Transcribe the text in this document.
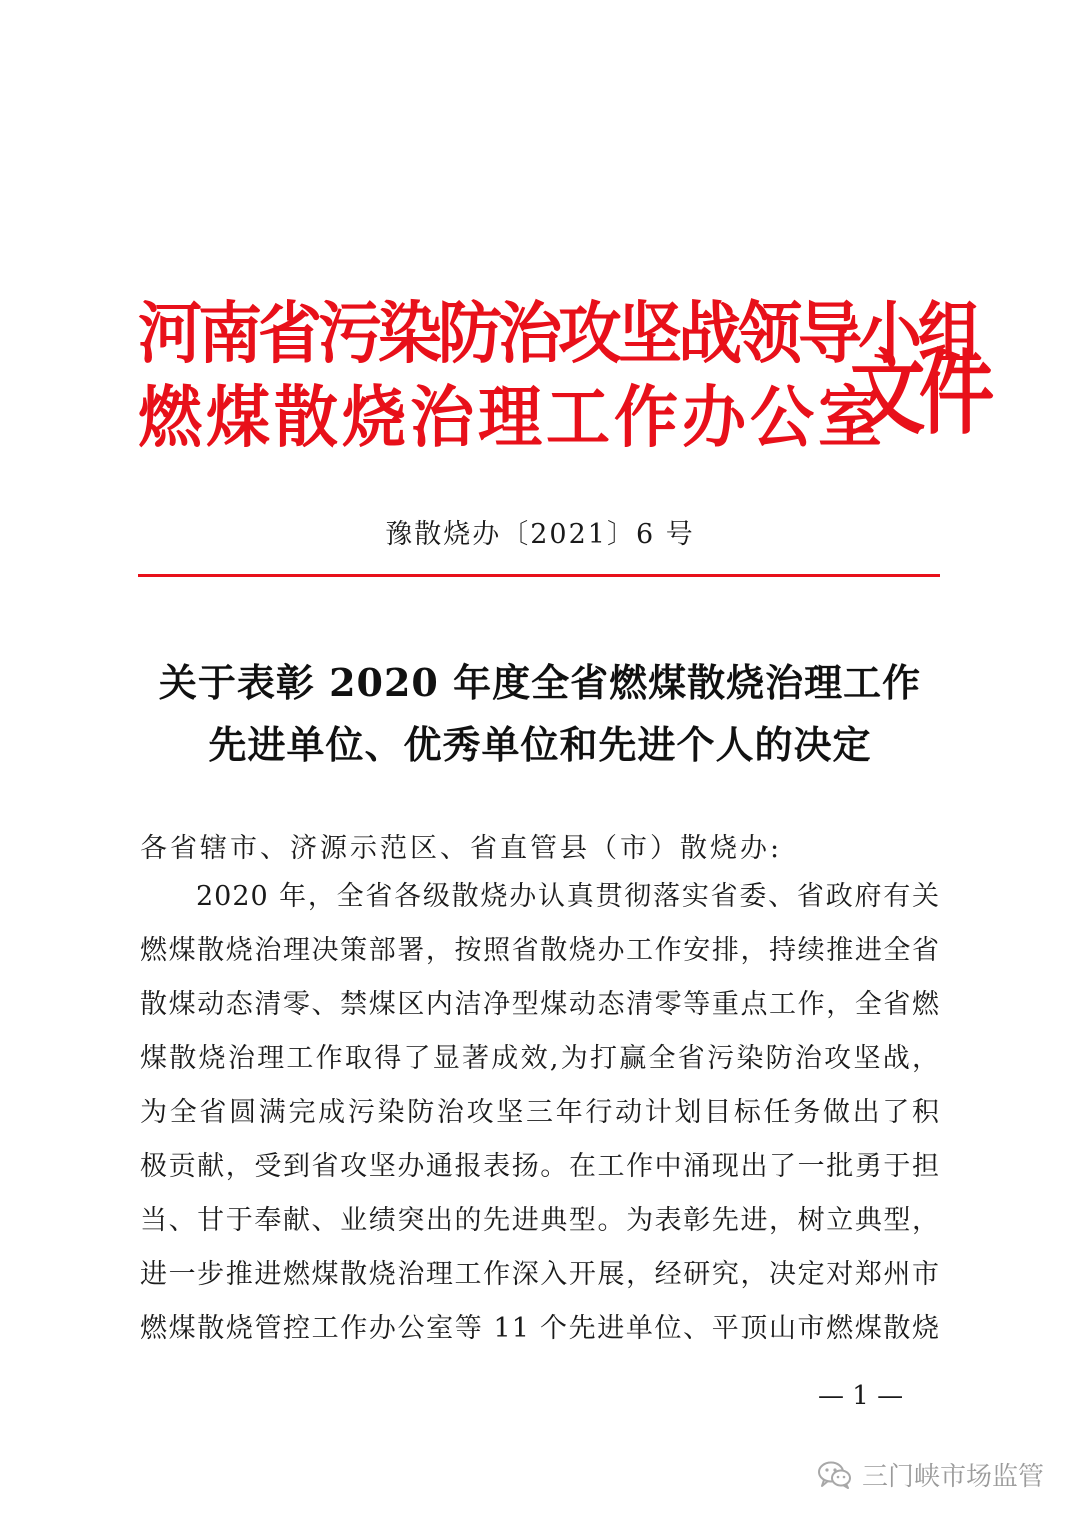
河南省污染防治攻坚战领导小组
燃煤散烧治理工作办公室
文件
豫散烧办〔2021〕6 号
关于表彰 2020 年度全省燃煤散烧治理工作
先进单位、优秀单位和先进个人的决定
各省辖市、济源示范区、省直管县（市）散烧办:
2020 年，全省各级散烧办认真贯彻落实省委、省政府有关
燃煤散烧治理决策部署，按照省散烧办工作安排，持续推进全省
散煤动态清零、禁煤区内洁净型煤动态清零等重点工作，全省燃
煤散烧治理工作取得了显著成效,为打赢全省污染防治攻坚战，
为全省圆满完成污染防治攻坚三年行动计划目标任务做出了积
极贡献，受到省攻坚办通报表扬。在工作中涌现出了一批勇于担
当、甘于奉献、业绩突出的先进典型。为表彰先进，树立典型，
进一步推进燃煤散烧治理工作深入开展，经研究，决定对郑州市
燃煤散烧管控工作办公室等 11 个先进单位、平顶山市燃煤散烧
— 1 —
三门峡市场监管
